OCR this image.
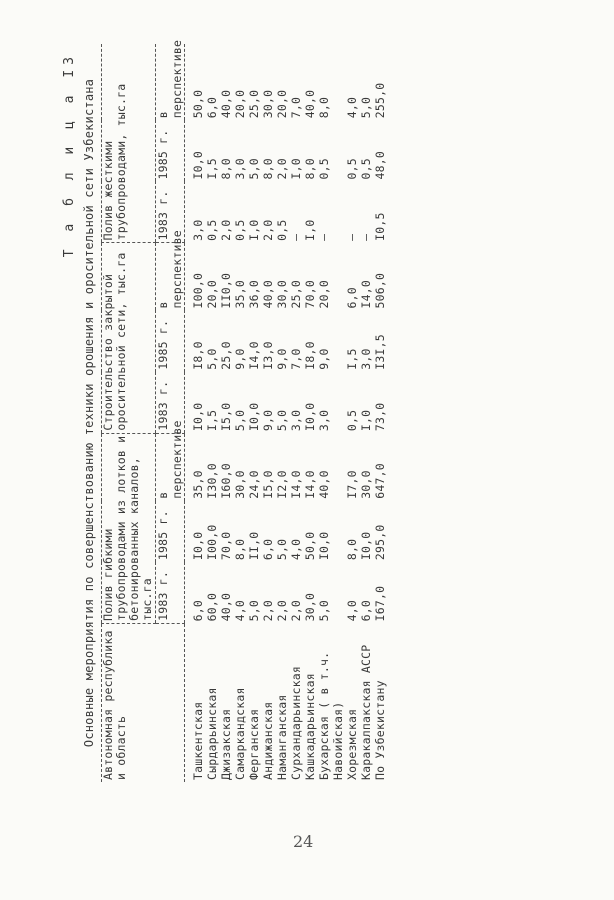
Т а б л и ц а I3 Основные мероприятия по совершенствованию техники орошения и оросительной сети Узбекистана Автономная республика и область	Полив гибкими трубопроводами из лотков и бетонированных каналов, тыс.га			Строительство закрытой оросительной сети, тыс.га			Полив жесткими трубопроводами, тыс.га		

	1983 г.	1985 г.	в перспективе	1983 г.	1985 г.	в перспективе	1983 г.	1985 г.	в перспективе

Ташкентская	6,0	I0,0	35,0	I0,0	I8,0	I00,0	3,0	I0,0	50,0
Сырдарьинская	60,0	I00,0	I30,0	I,5	5,0	20,0	0,5	I,5	6,0
Джизакская	40,0	70,0	I60,0	I5,0	25,0	II0,0	2,0	8,0	40,0
Самаркандская	4,0	8,0	30,0	5,0	9,0	35,0	0,5	3,0	20,0
Ферганская	5,0	II,0	24,0	I0,0	I4,0	36,0	I,0	5,0	25,0
Андижанская	2,0	6,0	I5,0	9,0	I3,0	40,0	2,0	8,0	30,0
Наманганская	2,0	5,0	I2,0	5,0	9,0	30,0	0,5	2,0	20,0
Сурхандарьинская	2,0	4,0	I4,0	3,0	7,0	25,0	–	I,0	7,0
Кашкадарьинская	30,0	50,0	I4,0	I0,0	I8,0	70,0	I,0	8,0	40,0
Бухарская ( в т.ч. Навоийская)	5,0	I0,0	40,0	3,0	9,0	20,0	–	0,5	8,0
Хорезмская	4,0	8,0	I7,0	0,5	I,5	6,0	–	0,5	4,0
Каракалпакская АССР	6,0	I0,0	30,0	I,0	3,0	I4,0	–	0,5	5,0
По Узбекистану	I67,0	295,0	647,0	73,0	I3I,5	506,0	I0,5	48,0	255,0
24
